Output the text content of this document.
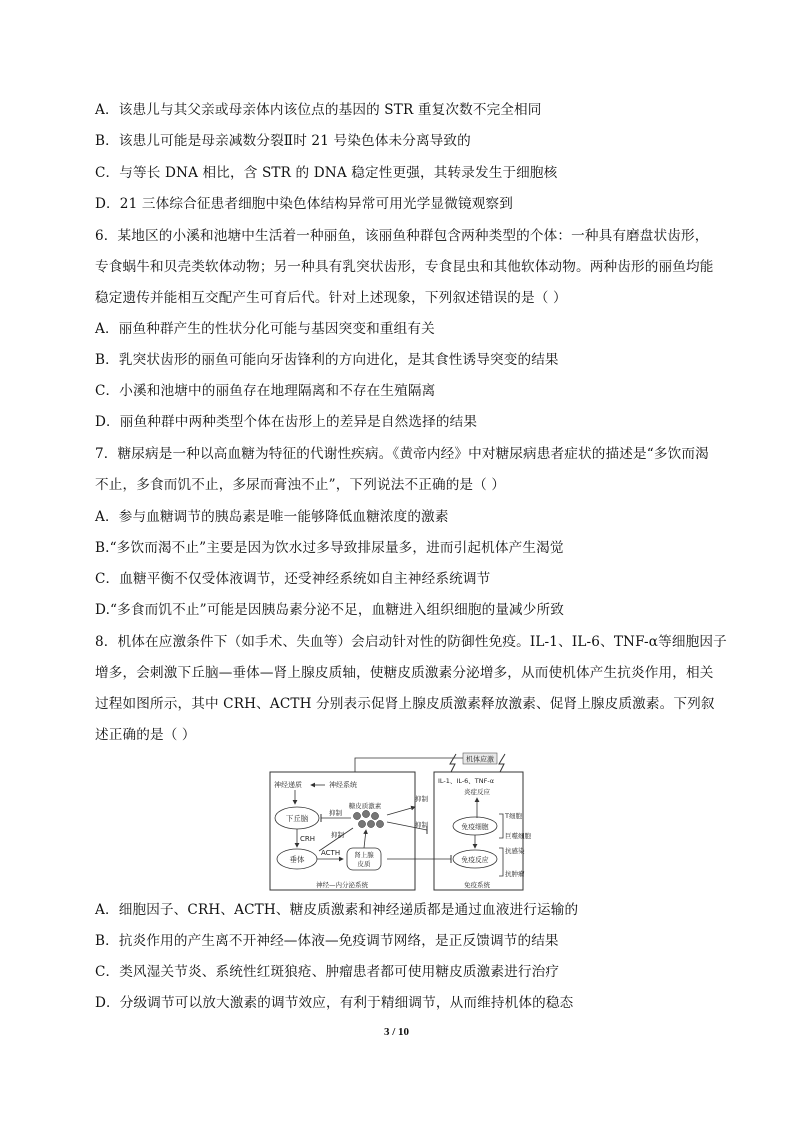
A．该患儿与其父亲或母亲体内该位点的基因的 STR 重复次数不完全相同
B．该患儿可能是母亲减数分裂Ⅱ时 21 号染色体未分离导致的
C．与等长 DNA 相比，含 STR 的 DNA 稳定性更强，其转录发生于细胞核
D．21 三体综合征患者细胞中染色体结构异常可用光学显微镜观察到
6．某地区的小溪和池塘中生活着一种丽鱼，该丽鱼种群包含两种类型的个体：一种具有磨盘状齿形，
专食蜗牛和贝壳类软体动物；另一种具有乳突状齿形，专食昆虫和其他软体动物。两种齿形的丽鱼均能
稳定遗传并能相互交配产生可育后代。针对上述现象，下列叙述错误的是（ ）
A．丽鱼种群产生的性状分化可能与基因突变和重组有关
B．乳突状齿形的丽鱼可能向牙齿锋利的方向进化，是其食性诱导突变的结果
C．小溪和池塘中的丽鱼存在地理隔离和不存在生殖隔离
D．丽鱼种群中两种类型个体在齿形上的差异是自然选择的结果
7．糖尿病是一种以高血糖为特征的代谢性疾病。《黄帝内经》中对糖尿病患者症状的描述是“多饮而渴
不止，多食而饥不止，多尿而膏浊不止”，下列说法不正确的是（ ）
A．参与血糖调节的胰岛素是唯一能够降低血糖浓度的激素
B.“多饮而渴不止”主要是因为饮水过多导致排尿量多，进而引起机体产生渴觉
C．血糖平衡不仅受体液调节，还受神经系统如自主神经系统调节
D.“多食而饥不止”可能是因胰岛素分泌不足，血糖进入组织细胞的量减少所致
8．机体在应激条件下（如手术、失血等）会启动针对性的防御性免疫。IL-1、IL-6、TNF-α等细胞因子
增多，会刺激下丘脑—垂体—肾上腺皮质轴，使糖皮质激素分泌增多，从而使机体产生抗炎作用，相关
过程如图所示，其中 CRH、ACTH 分别表示促肾上腺皮质激素释放激素、促肾上腺皮质激素。下列叙
述正确的是（ ）
机体应激
神经递质	神经系统
下丘脑
糖皮质激素
抑制
CRH
垂体
抑制
ACTH 肾上腺
皮质
神经—内分泌系统
IL-1、IL-6、TNF-α
炎症反应
抑制
免疫细胞
抑制
T细胞
巨噬细胞
免疫反应
抗感染
抗肿瘤
免疫系统
A．细胞因子、CRH、ACTH、糖皮质激素和神经递质都是通过血液进行运输的
B．抗炎作用的产生离不开神经—体液—免疫调节网络，是正反馈调节的结果
C．类风湿关节炎、系统性红斑狼疮、肿瘤患者都可使用糖皮质激素进行治疗
D．分级调节可以放大激素的调节效应，有利于精细调节，从而维持机体的稳态
3 / 10
